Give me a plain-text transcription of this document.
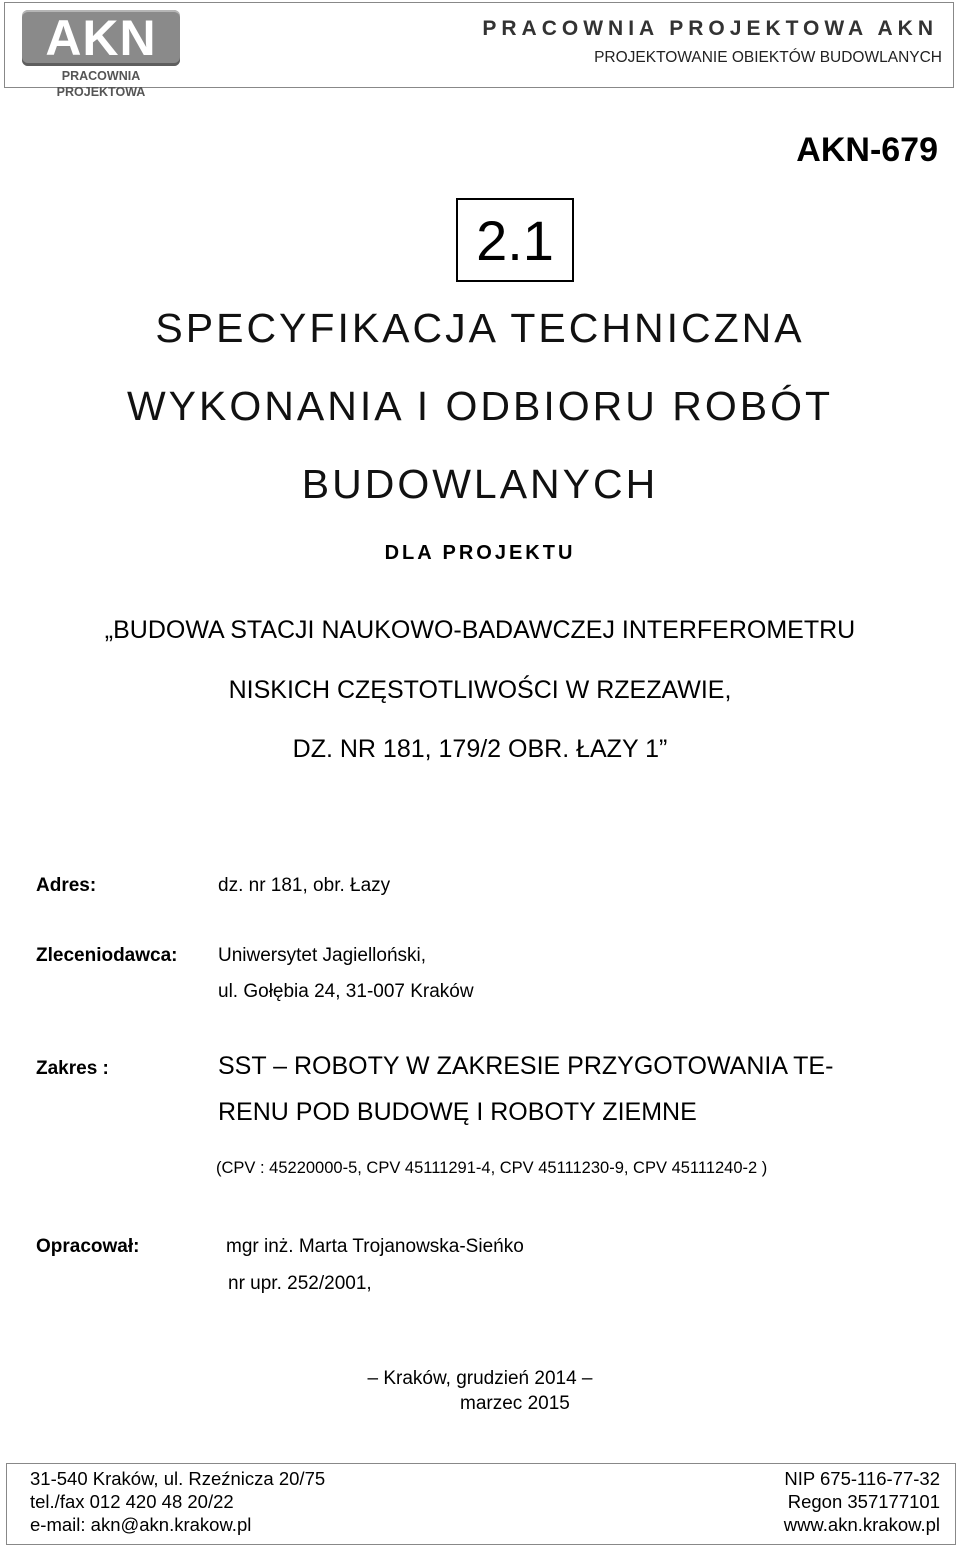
AKN
PRACOWNIA PROJEKTOWA
PRACOWNIA PROJEKTOWA AKN
PROJEKTOWANIE OBIEKTÓW BUDOWLANYCH
AKN-679
2.1
SPECYFIKACJA TECHNICZNA
WYKONANIA I ODBIORU ROBÓT
BUDOWLANYCH
DLA PROJEKTU
„BUDOWA STACJI NAUKOWO-BADAWCZEJ INTERFEROMETRU
NISKICH CZĘSTOTLIWOŚCI W RZEZAWIE,
DZ. NR 181, 179/2 OBR. ŁAZY 1”
Adres:	dz. nr 181, obr. Łazy
Zleceniodawca: Uniwersytet Jagielloński,
ul. Gołębia 24, 31-007 Kraków
Zakres :	SST – ROBOTY W ZAKRESIE PRZYGOTOWANIA TE-
RENU POD BUDOWĘ I ROBOTY ZIEMNE
(CPV : 45220000-5, CPV 45111291-4, CPV 45111230-9, CPV 45111240-2 )
Opracował:	mgr inż. Marta Trojanowska-Sieńko
nr upr. 252/2001,
– Kraków, grudzień 2014 –
marzec 2015
31-540 Kraków, ul. Rzeźnicza 20/75
tel./fax 012 420 48 20/22
e-mail: akn@akn.krakow.pl
NIP 675-116-77-32
Regon 357177101
www.akn.krakow.pl
